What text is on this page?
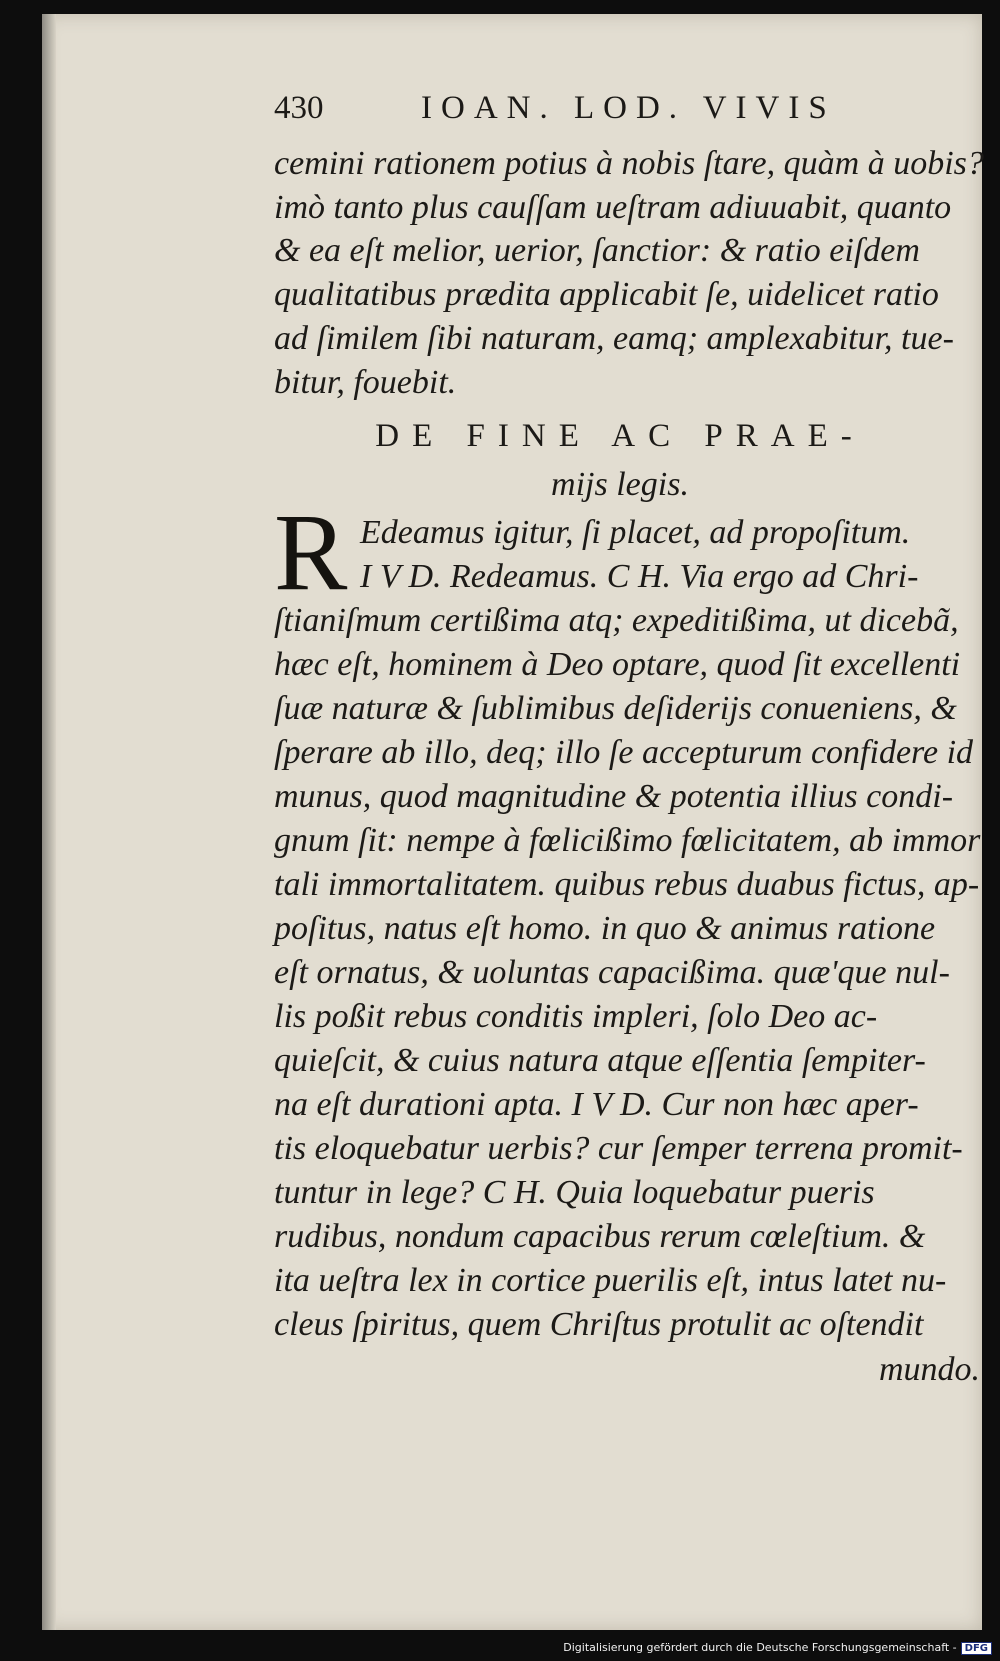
430	IOAN. LOD. VIVIS

cemini rationem potius à nobis ſtare, quàm à uobis?

imò tanto plus cauſſam ueſtram adiuuabit, quanto

& ea eſt melior, uerior, ſanctior: & ratio eiſdem

qualitatibus prædita applicabit ſe, uidelicet ratio

ad ſimilem ſibi naturam, eamq; amplexabitur, tue-

bitur, fouebit.

DE FINE AC PRAE-

mijs legis.

R Edeamus igitur, ſi placet, ad propoſitum.

I V D. Redeamus. C H. Via ergo ad Chri-

ſtianiſmum certißima atq; expeditißima, ut dicebã,

hæc eſt, hominem à Deo optare, quod ſit excellenti

ſuæ naturæ & ſublimibus deſiderijs conueniens, &

ſperare ab illo, deq; illo ſe accepturum confidere id

munus, quod magnitudine & potentia illius condi-

gnum ſit: nempe à fœlicißimo fœlicitatem, ab immor

tali immortalitatem. quibus rebus duabus fictus, ap-

poſitus, natus eſt homo. in quo & animus ratione

eſt ornatus, & uoluntas capacißima. quæ'que nul-

lis poßit rebus conditis impleri, ſolo Deo ac-

quieſcit, & cuius natura atque eſſentia ſempiter-

na eſt durationi apta. I V D. Cur non hæc aper-

tis eloquebatur uerbis? cur ſemper terrena promit-

tuntur in lege? C H. Quia loquebatur pueris

rudibus, nondum capacibus rerum cœleſtium. &

ita ueſtra lex in cortice puerilis eſt, intus latet nu-

cleus ſpiritus, quem Chriſtus protulit ac oſtendit

mundo.

Digitalisierung gefördert durch die Deutsche Forschungsgemeinschaft - DFG
